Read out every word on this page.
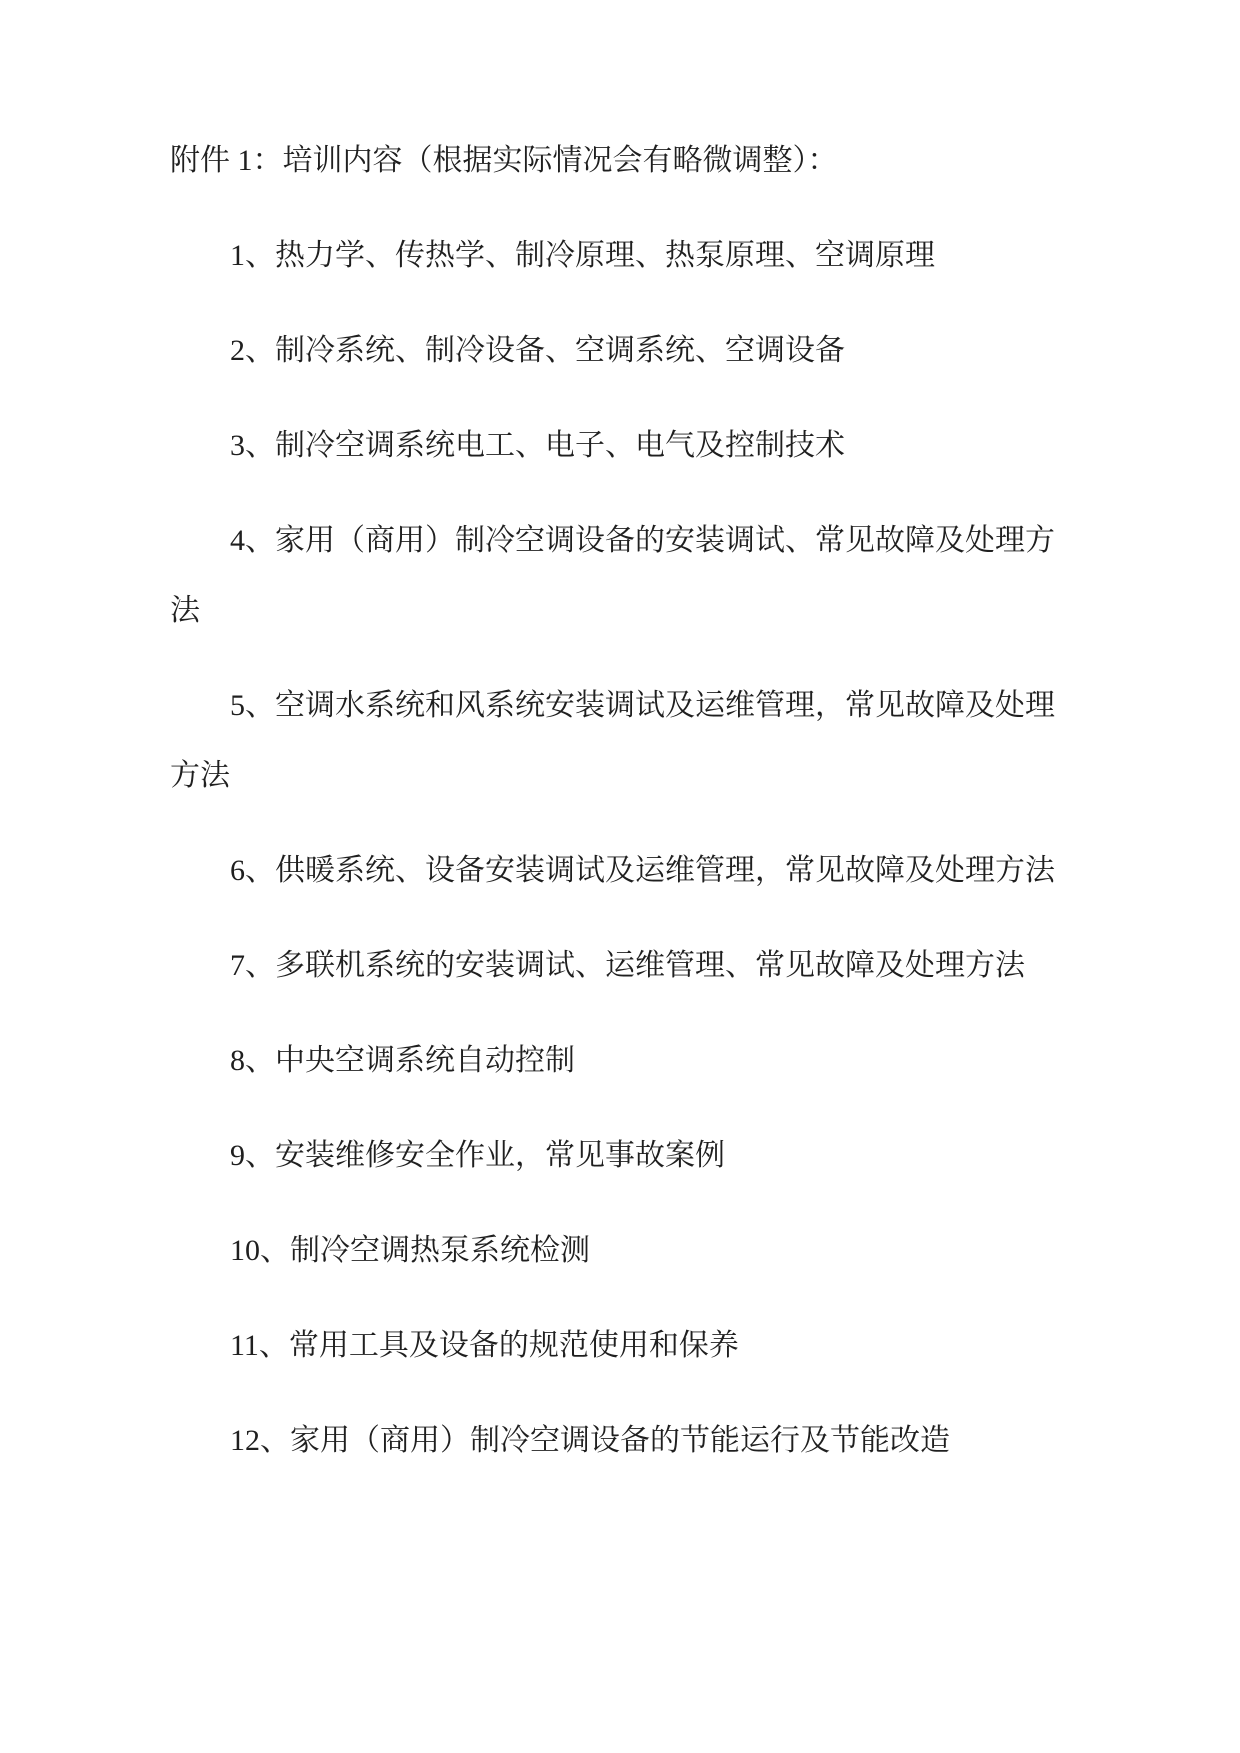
附件 1：培训内容（根据实际情况会有略微调整）：

1、热力学、传热学、制冷原理、热泵原理、空调原理

2、制冷系统、制冷设备、空调系统、空调设备

3、制冷空调系统电工、电子、电气及控制技术

4、家用（商用）制冷空调设备的安装调试、常见故障及处理方法

5、空调水系统和风系统安装调试及运维管理，常见故障及处理方法

6、供暖系统、设备安装调试及运维管理，常见故障及处理方法

7、多联机系统的安装调试、运维管理、常见故障及处理方法

8、中央空调系统自动控制

9、安装维修安全作业，常见事故案例

10、制冷空调热泵系统检测

11、常用工具及设备的规范使用和保养

12、家用（商用）制冷空调设备的节能运行及节能改造
